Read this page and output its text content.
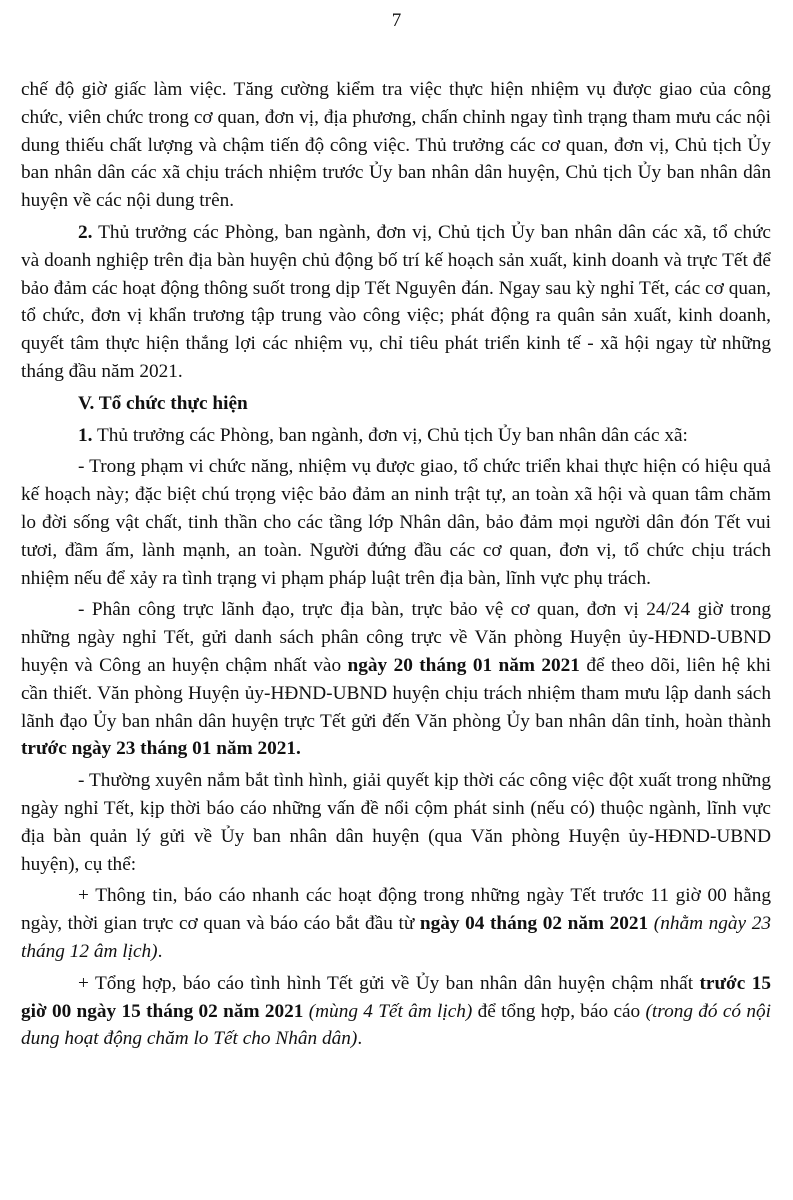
7

chế độ giờ giấc làm việc. Tăng cường kiểm tra việc thực hiện nhiệm vụ được giao của công chức, viên chức trong cơ quan, đơn vị, địa phương, chấn chỉnh ngay tình trạng tham mưu các nội dung thiếu chất lượng và chậm tiến độ công việc. Thủ trưởng các cơ quan, đơn vị, Chủ tịch Ủy ban nhân dân các xã chịu trách nhiệm trước Ủy ban nhân dân huyện, Chủ tịch Ủy ban nhân dân huyện về các nội dung trên.

2. Thủ trưởng các Phòng, ban ngành, đơn vị, Chủ tịch Ủy ban nhân dân các xã, tổ chức và doanh nghiệp trên địa bàn huyện chủ động bố trí kế hoạch sản xuất, kinh doanh và trực Tết để bảo đảm các hoạt động thông suốt trong dịp Tết Nguyên đán. Ngay sau kỳ nghỉ Tết, các cơ quan, tổ chức, đơn vị khẩn trương tập trung vào công việc; phát động ra quân sản xuất, kinh doanh, quyết tâm thực hiện thắng lợi các nhiệm vụ, chỉ tiêu phát triển kinh tế - xã hội ngay từ những tháng đầu năm 2021.

V. Tổ chức thực hiện

1. Thủ trưởng các Phòng, ban ngành, đơn vị, Chủ tịch Ủy ban nhân dân các xã:

- Trong phạm vi chức năng, nhiệm vụ được giao, tổ chức triển khai thực hiện có hiệu quả kế hoạch này; đặc biệt chú trọng việc bảo đảm an ninh trật tự, an toàn xã hội và quan tâm chăm lo đời sống vật chất, tinh thần cho các tầng lớp Nhân dân, bảo đảm mọi người dân đón Tết vui tươi, đầm ấm, lành mạnh, an toàn. Người đứng đầu các cơ quan, đơn vị, tổ chức chịu trách nhiệm nếu để xảy ra tình trạng vi phạm pháp luật trên địa bàn, lĩnh vực phụ trách.

- Phân công trực lãnh đạo, trực địa bàn, trực bảo vệ cơ quan, đơn vị 24/24 giờ trong những ngày nghỉ Tết, gửi danh sách phân công trực về Văn phòng Huyện ủy-HĐND-UBND huyện và Công an huyện chậm nhất vào ngày 20 tháng 01 năm 2021 để theo dõi, liên hệ khi cần thiết. Văn phòng Huyện ủy-HĐND-UBND huyện chịu trách nhiệm tham mưu lập danh sách lãnh đạo Ủy ban nhân dân huyện trực Tết gửi đến Văn phòng Ủy ban nhân dân tỉnh, hoàn thành trước ngày 23 tháng 01 năm 2021.

- Thường xuyên nắm bắt tình hình, giải quyết kịp thời các công việc đột xuất trong những ngày nghỉ Tết, kịp thời báo cáo những vấn đề nổi cộm phát sinh (nếu có) thuộc ngành, lĩnh vực địa bàn quản lý gửi về Ủy ban nhân dân huyện (qua Văn phòng Huyện ủy-HĐND-UBND huyện), cụ thể:

+ Thông tin, báo cáo nhanh các hoạt động trong những ngày Tết trước 11 giờ 00 hằng ngày, thời gian trực cơ quan và báo cáo bắt đầu từ ngày 04 tháng 02 năm 2021 (nhằm ngày 23 tháng 12 âm lịch).

+ Tổng hợp, báo cáo tình hình Tết gửi về Ủy ban nhân dân huyện chậm nhất trước 15 giờ 00 ngày 15 tháng 02 năm 2021 (mùng 4 Tết âm lịch) để tổng hợp, báo cáo (trong đó có nội dung hoạt động chăm lo Tết cho Nhân dân).
